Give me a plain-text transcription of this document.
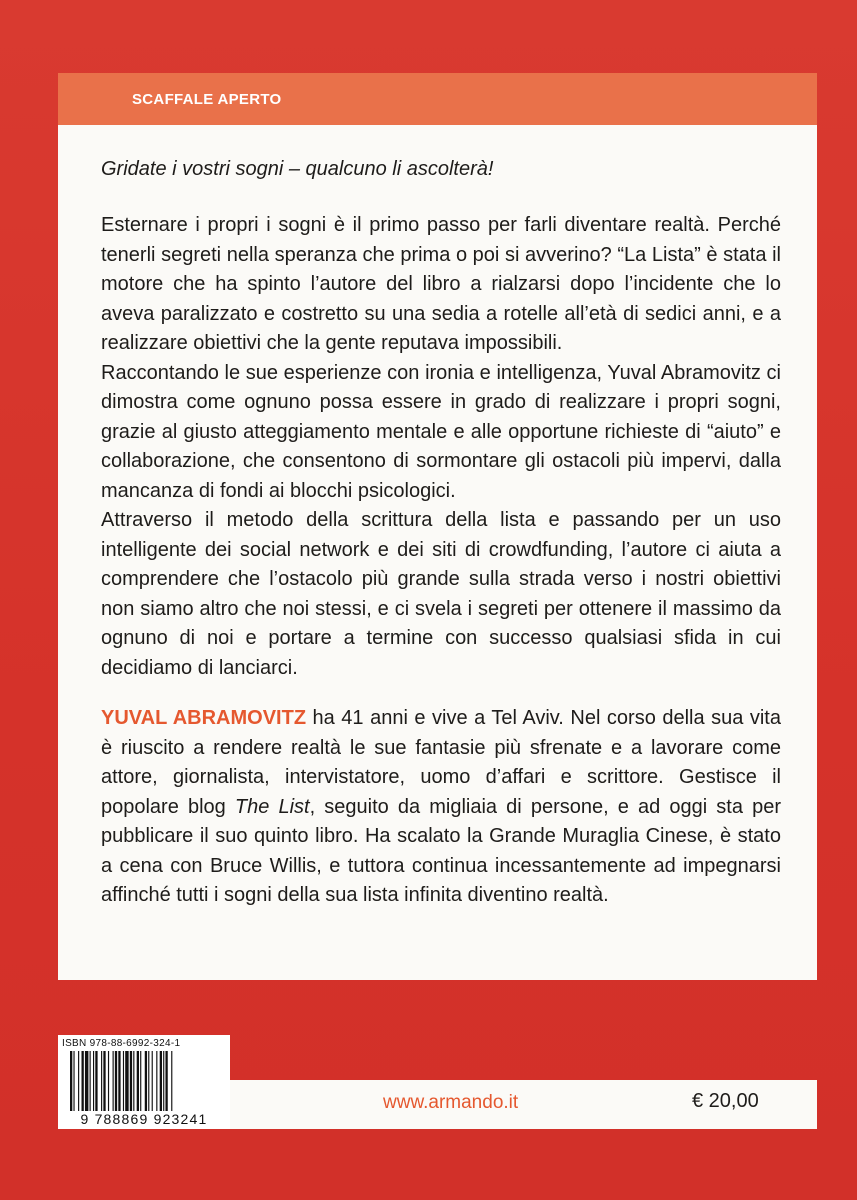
SCAFFALE APERTO
Gridate i vostri sogni – qualcuno li ascolterà!

Esternare i propri i sogni è il primo passo per farli diventare realtà. Perché tenerli segreti nella speranza che prima o poi si avverino? “La Lista” è stata il motore che ha spinto l’autore del libro a rialzarsi dopo l’incidente che lo aveva paralizzato e costretto su una sedia a rotelle all’età di sedici anni, e a realizzare obiettivi che la gente reputava impossibili.

Raccontando le sue esperienze con ironia e intelligenza, Yuval Abramovitz ci dimostra come ognuno possa essere in grado di realizzare i propri sogni, grazie al giusto atteggiamento mentale e alle opportune richieste di “aiuto” e collaborazione, che consentono di sormontare gli ostacoli più impervi, dalla mancanza di fondi ai blocchi psicologici.

Attraverso il metodo della scrittura della lista e passando per un uso intelligente dei social network e dei siti di crowdfunding, l’autore ci aiuta a comprendere che l’ostacolo più grande sulla strada verso i nostri obiettivi non siamo altro che noi stessi, e ci svela i segreti per ottenere il massimo da ognuno di noi e portare a termine con successo qualsiasi sfida in cui decidiamo di lanciarci.

YUVAL ABRAMOVITZ ha 41 anni e vive a Tel Aviv. Nel corso della sua vita è riuscito a rendere realtà le sue fantasie più sfrenate e a lavorare come attore, giornalista, intervistatore, uomo d’affari e scrittore. Gestisce il popolare blog The List, seguito da migliaia di persone, e ad oggi sta per pubblicare il suo quinto libro. Ha scalato la Grande Muraglia Cinese, è stato a cena con Bruce Willis, e tuttora continua incessantemente ad impegnarsi affinché tutti i sogni della sua lista infinita diventino realtà.
ISBN 978-88-6992-324-1
9 788869 923241
www.armando.it	€ 20,00
